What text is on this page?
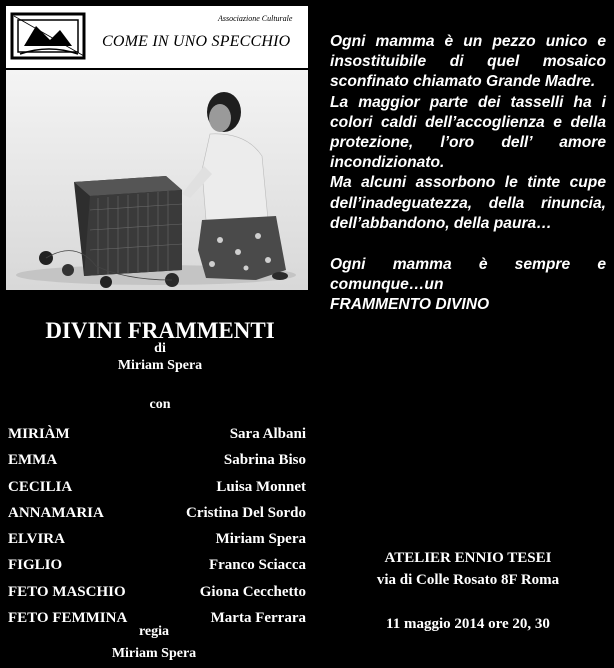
Associazione Culturale
COME IN UNO SPECCHIO
DIVINI FRAMMENTI
di
Miriam Spera
con
MIRIÀM	Sara Albani
EMMA	Sabrina Biso
CECILIA	Luisa Monnet
ANNAMARIA	Cristina Del Sordo
ELVIRA	Miriam Spera
FIGLIO	Franco Sciacca
FETO MASCHIO	Giona Cecchetto
FETO FEMMINA	Marta Ferrara
regia
Miriam Spera

Ogni mamma è un pezzo unico e insostituibile di quel mosaico sconfinato chiamato Grande Madre.

La maggior parte dei tasselli ha i colori caldi dell’accoglienza e della protezione, l’oro dell’ amore incondizionato.

Ma alcuni assorbono le tinte cupe dell’inadeguatezza, della rinuncia, dell’abbandono, della paura…

Ogni mamma è sempre e comunque…un

FRAMMENTO DIVINO

ATELIER ENNIO TESEI
via di Colle Rosato 8F Roma
11 maggio 2014 ore 20, 30
